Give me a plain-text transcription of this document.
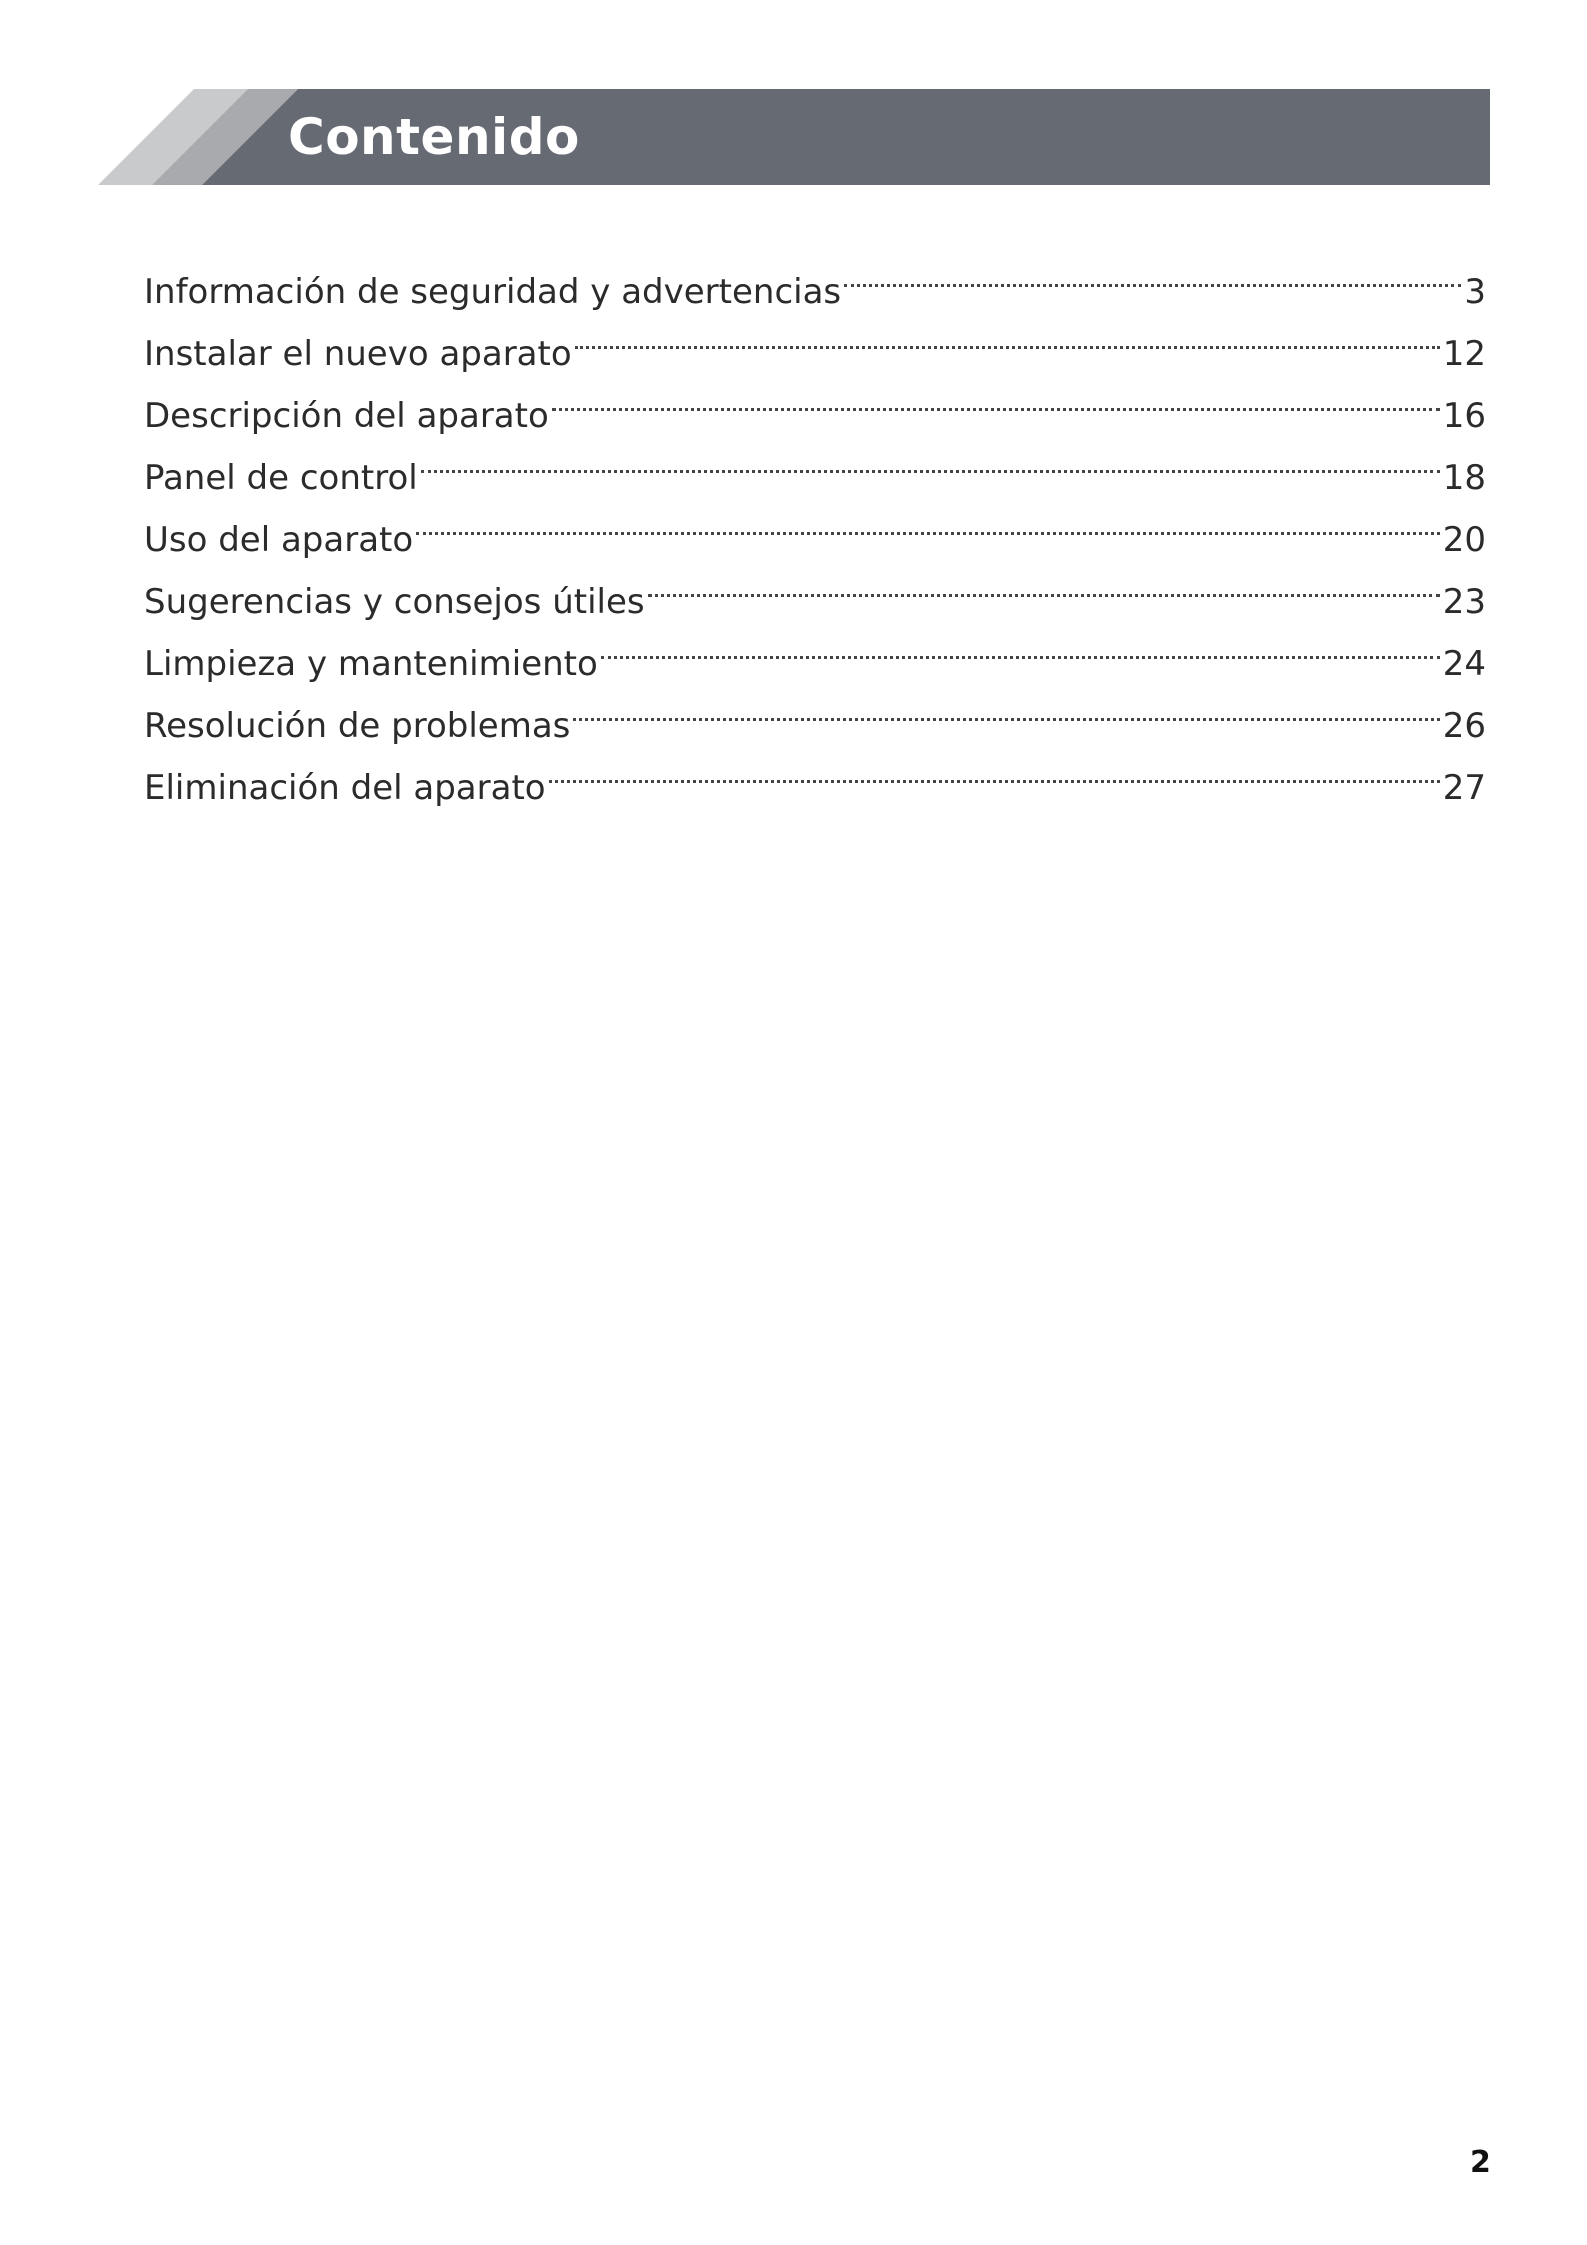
Contenido
Información de seguridad y advertencias	3
Instalar el nuevo aparato	12
Descripción del aparato	16
Panel de control	18
Uso del aparato	20
Sugerencias y consejos útiles	23
Limpieza y mantenimiento	24
Resolución de problemas	26
Eliminación del aparato	27
2
